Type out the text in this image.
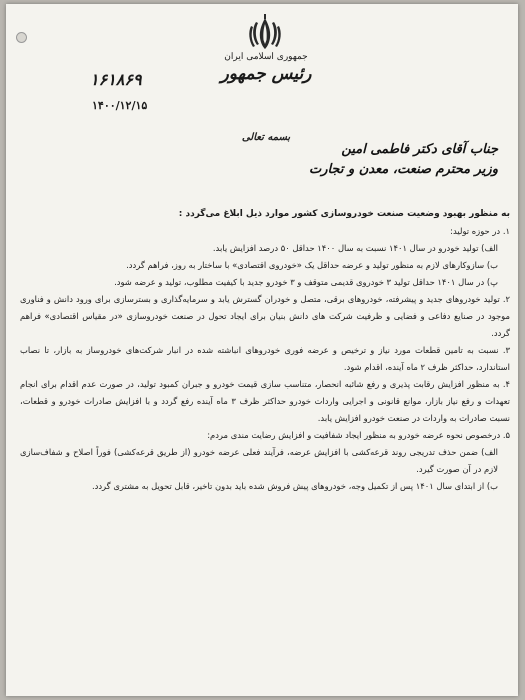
جمهوری اسلامی ایران
رئیس جمهور
۱۶۱۸۶۹
۱۴۰۰/۱۲/۱۵
بسمه تعالی
جناب آقای دکتر فاطمی امین
وزیر محترم صنعت، معدن و تجارت

به منظور بهبود وضعیت صنعت خودروسازی کشور موارد ذیل ابلاغ می‌گردد :

۱. در حوزه تولید:

الف) تولید خودرو در سال ۱۴۰۱ نسبت به سال ۱۴۰۰ حداقل ۵۰ درصد افزایش یابد.

ب) سازوکارهای لازم به منظور تولید و عرضه حداقل یک «خودروی اقتصادی» با ساختار به روز، فراهم گردد.

پ) در سال ۱۴۰۱ حداقل تولید ۳ خودروی قدیمی متوقف و ۳ خودرو جدید با کیفیت مطلوب، تولید و عرضه شود.

۲. تولید خودروهای جدید و پیشرفته، خودروهای برقی، متصل و خودران گسترش یابد و سرمایه‌گذاری و بسترسازی برای ورود دانش و فناوری موجود در صنایع دفاعی و فضایی و ظرفیت شرکت های دانش بنیان برای ایجاد تحول در صنعت خودروسازی «در مقیاس اقتصادی» فراهم گردد.

۳. نسبت به تامین قطعات مورد نیاز و ترخیص و عرضه فوری خودروهای انباشته شده در انبار شرکت‌های خودروساز به بازار، تا نصاب استاندارد، حداکثر ظرف ۲ ماه آینده، اقدام شود.

۴. به منظور افزایش رقابت پذیری و رفع شائبه انحصار، متناسب سازی قیمت خودرو و جبران کمبود تولید، در صورت عدم اقدام برای انجام تعهدات و رفع نیاز بازار، موانع قانونی و اجرایی واردات خودرو حداکثر ظرف ۳ ماه آینده رفع گردد و با افزایش صادرات خودرو و قطعات، نسبت صادرات به واردات در صنعت خودرو افزایش یابد.

۵. درخصوص نحوه عرضه خودرو به منظور ایجاد شفافیت و افزایش رضایت مندی مردم:

الف) ضمن حذف تدریجی روند قرعه‌کشی با افزایش عرضه، فرآیند فعلی عرضه خودرو (از طریق قرعه‌کشی) فوراً اصلاح و شفاف‌سازی لازم در آن صورت گیرد.

ب) از ابتدای سال ۱۴۰۱ پس از تکمیل وجه، خودروهای پیش فروش شده باید بدون تاخیر، قابل تحویل به مشتری گردد.
